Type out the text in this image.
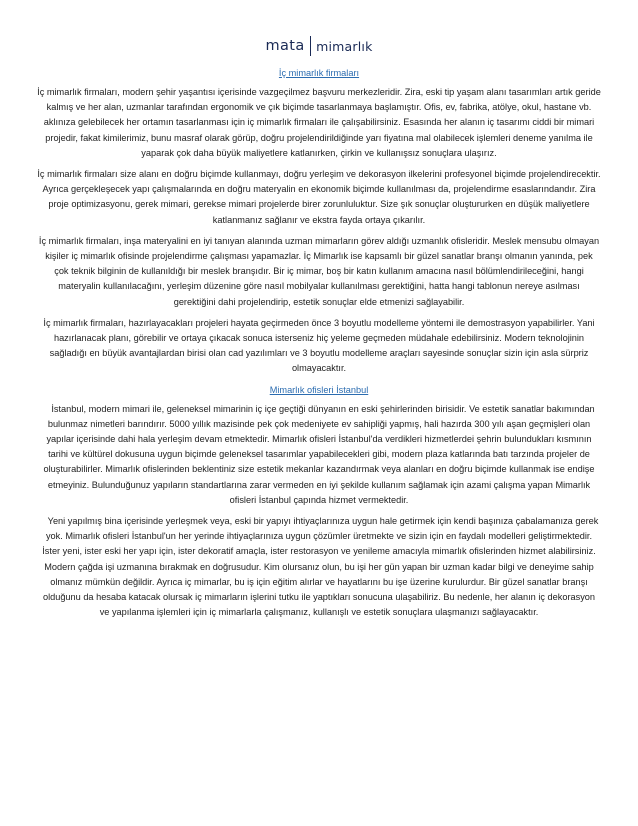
mata mimarlık

İç mimarlık firmaları

İç mimarlık firmaları, modern şehir yaşantısı içerisinde vazgeçilmez başvuru merkezleridir. Zira, eski tip yaşam alanı tasarımları artık geride kalmış ve her alan, uzmanlar tarafından ergonomik ve çık biçimde tasarlanmaya başlamıştır. Ofis, ev, fabrika, atölye, okul, hastane vb. aklınıza gelebilecek her ortamın tasarlanması için iç mimarlık firmaları ile çalışabilirsiniz. Esasında her alanın iç tasarımı ciddi bir mimari projedir, fakat kimilerimiz, bunu masraf olarak görüp, doğru projelendirildiğinde yarı fiyatına mal olabilecek işlemleri deneme yanılma ile yaparak çok daha büyük maliyetlere katlanırken, çirkin ve kullanışsız sonuçlara ulaşırız.

İç mimarlık firmaları size alanı en doğru biçimde kullanmayı, doğru yerleşim ve dekorasyon ilkelerini profesyonel biçimde projelendirecektir. Ayrıca gerçekleşecek yapı çalışmalarında en doğru materyalin en ekonomik biçimde kullanılması da, projelendirme esaslarındandır. Zira proje optimizasyonu, gerek mimari, gerekse mimari projelerde birer zorunluluktur. Size şık sonuçlar oluştururken en düşük maliyetlere katlanmanız sağlanır ve ekstra fayda ortaya çıkarılır.

İç mimarlık firmaları, inşa materyalini en iyi tanıyan alanında uzman mimarların görev aldığı uzmanlık ofisleridir. Meslek mensubu olmayan kişiler iç mimarlık ofisinde projelendirme çalışması yapamazlar. İç Mimarlık ise kapsamlı bir güzel sanatlar branşı olmanın yanında, pek çok teknik bilginin de kullanıldığı bir meslek branşıdır. Bir iç mimar, boş bir katın kullanım amacına nasıl bölümlendirileceğini, hangi materyalin kullanılacağını, yerleşim düzenine göre nasıl mobilyalar kullanılması gerektiğini, hatta hangi tablonun nereye asılması gerektiğini dahi projelendirip, estetik sonuçlar elde etmenizi sağlayabilir.

İç mimarlık firmaları, hazırlayacakları projeleri hayata geçirmeden önce 3 boyutlu modelleme yöntemi ile demostrasyon yapabilirler. Yani hazırlanacak planı, görebilir ve ortaya çıkacak sonuca isterseniz hiç yeleme geçmeden müdahale edebilirsiniz. Modern teknolojinin sağladığı en büyük avantajlardan birisi olan cad yazılımları ve 3 boyutlu modelleme araçları sayesinde sonuçlar sizin için asla sürpriz olmayacaktır.

Mimarlık ofisleri İstanbul

İstanbul, modern mimari ile, geleneksel mimarinin iç içe geçtiği dünyanın en eski şehirlerinden birisidir. Ve estetik sanatlar bakımından bulunmaz nimetleri barındırır. 5000 yıllık mazisinde pek çok medeniyete ev sahipliği yapmış, hali hazırda 300 yılı aşan geçmişleri olan yapılar içerisinde dahi hala yerleşim devam etmektedir. Mimarlık ofisleri İstanbul'da verdikleri hizmetlerdei şehrin bulundukları kısmının tarihi ve kültürel dokusuna uygun biçimde geleneksel tasarımlar yapabilecekleri gibi, modern plaza katlarında batı tarzında projeler de oluşturabilirler. Mimarlık ofislerinden beklentiniz size estetik mekanlar kazandırmak veya alanları en doğru biçimde kullanmak ise endişe etmeyiniz. Bulunduğunuz yapıların standartlarına zarar vermeden en iyi şekilde kullanım sağlamak için azami çalışma yapan Mimarlık ofisleri İstanbul çapında hizmet vermektedir.

Yeni yapılmış bina içerisinde yerleşmek veya, eski bir yapıyı ihtiyaçlarınıza uygun hale getirmek için kendi başınıza çabalamanıza gerek yok. Mimarlık ofisleri İstanbul'un her yerinde ihtiyaçlarınıza uygun çözümler üretmekte ve sizin için en faydalı modelleri geliştirmektedir. İster yeni, ister eski her yapı için, ister dekoratif amaçla, ister restorasyon ve yenileme amacıyla mimarlık ofislerinden hizmet alabilirsiniz. Modern çağda işi uzmanına bırakmak en doğrusudur. Kim olursanız olun, bu işi her gün yapan bir uzman kadar bilgi ve deneyime sahip olmanız mümkün değildir. Ayrıca iç mimarlar, bu iş için eğitim alırlar ve hayatlarını bu işe üzerine kurulurdur. Bir güzel sanatlar branşı olduğunu da hesaba katacak olursak iç mimarların işlerini tutku ile yaptıkları sonucuna ulaşabiliriz. Bu nedenle, her alanın iç dekorasyon ve yapılanma işlemleri için iç mimarlarla çalışmanız, kullanışlı ve estetik sonuçlara ulaşmanızı sağlayacaktır.
